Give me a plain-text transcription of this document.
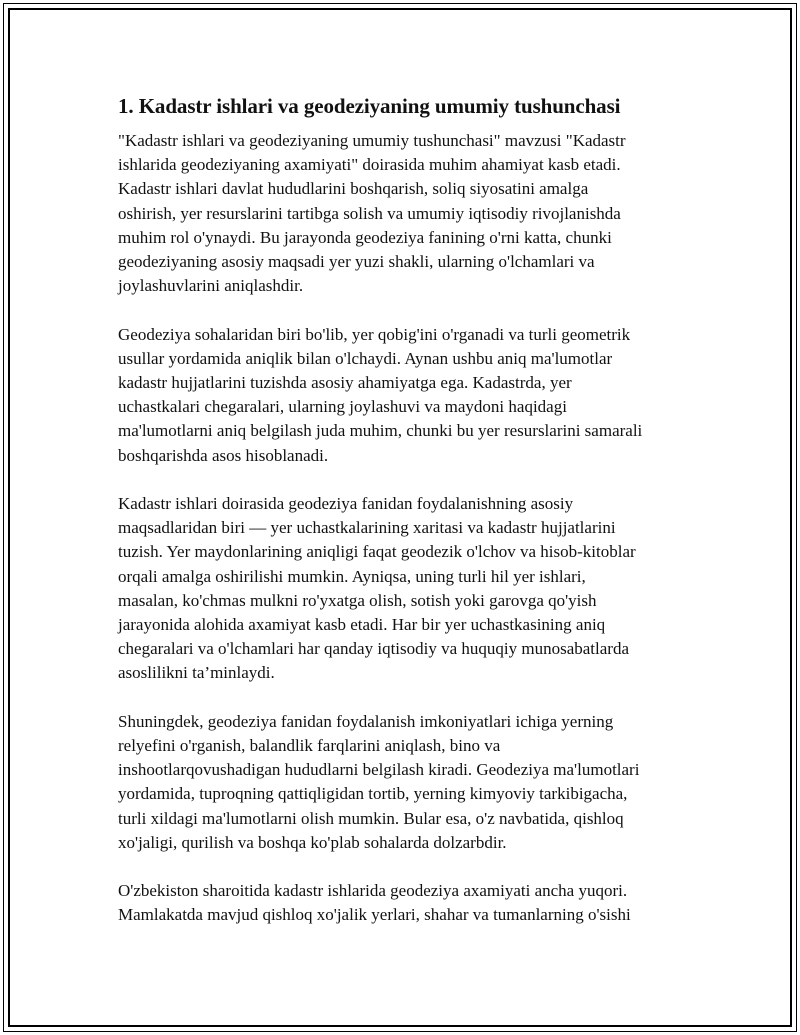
1. Kadastr ishlari va geodeziyaning umumiy tushunchasi

"Kadastr ishlari va geodeziyaning umumiy tushunchasi" mavzusi "Kadastr
ishlarida geodeziyaning axamiyati" doirasida muhim ahamiyat kasb etadi.
Kadastr ishlari davlat hududlarini boshqarish, soliq siyosatini amalga
oshirish, yer resurslarini tartibga solish va umumiy iqtisodiy rivojlanishda
muhim rol o'ynaydi. Bu jarayonda geodeziya fanining o'rni katta, chunki
geodeziyaning asosiy maqsadi yer yuzi shakli, ularning o'lchamlari va
joylashuvlarini aniqlashdir.

Geodeziya sohalaridan biri bo'lib, yer qobig'ini o'rganadi va turli geometrik
usullar yordamida aniqlik bilan o'lchaydi. Aynan ushbu aniq ma'lumotlar
kadastr hujjatlarini tuzishda asosiy ahamiyatga ega. Kadastrda, yer
uchastkalari chegaralari, ularning joylashuvi va maydoni haqidagi
ma'lumotlarni aniq belgilash juda muhim, chunki bu yer resurslarini samarali
boshqarishda asos hisoblanadi.

Kadastr ishlari doirasida geodeziya fanidan foydalanishning asosiy
maqsadlaridan biri — yer uchastkalarining xaritasi va kadastr hujjatlarini
tuzish. Yer maydonlarining aniqligi faqat geodezik o'lchov va hisob-kitoblar
orqali amalga oshirilishi mumkin. Ayniqsa, uning turli hil yer ishlari,
masalan, ko'chmas mulkni ro'yxatga olish, sotish yoki garovga qo'yish
jarayonida alohida axamiyat kasb etadi. Har bir yer uchastkasining aniq
chegaralari va o'lchamlari har qanday iqtisodiy va huquqiy munosabatlarda
asoslilikni ta’minlaydi.

Shuningdek, geodeziya fanidan foydalanish imkoniyatlari ichiga yerning
relyefini o'rganish, balandlik farqlarini aniqlash, bino va
inshootlarqovushadigan hududlarni belgilash kiradi. Geodeziya ma'lumotlari
yordamida, tuproqning qattiqligidan tortib, yerning kimyoviy tarkibigacha,
turli xildagi ma'lumotlarni olish mumkin. Bular esa, o'z navbatida, qishloq
xo'jaligi, qurilish va boshqa ko'plab sohalarda dolzarbdir.

O'zbekiston sharoitida kadastr ishlarida geodeziya axamiyati ancha yuqori.
Mamlakatda mavjud qishloq xo'jalik yerlari, shahar va tumanlarning o'sishi
